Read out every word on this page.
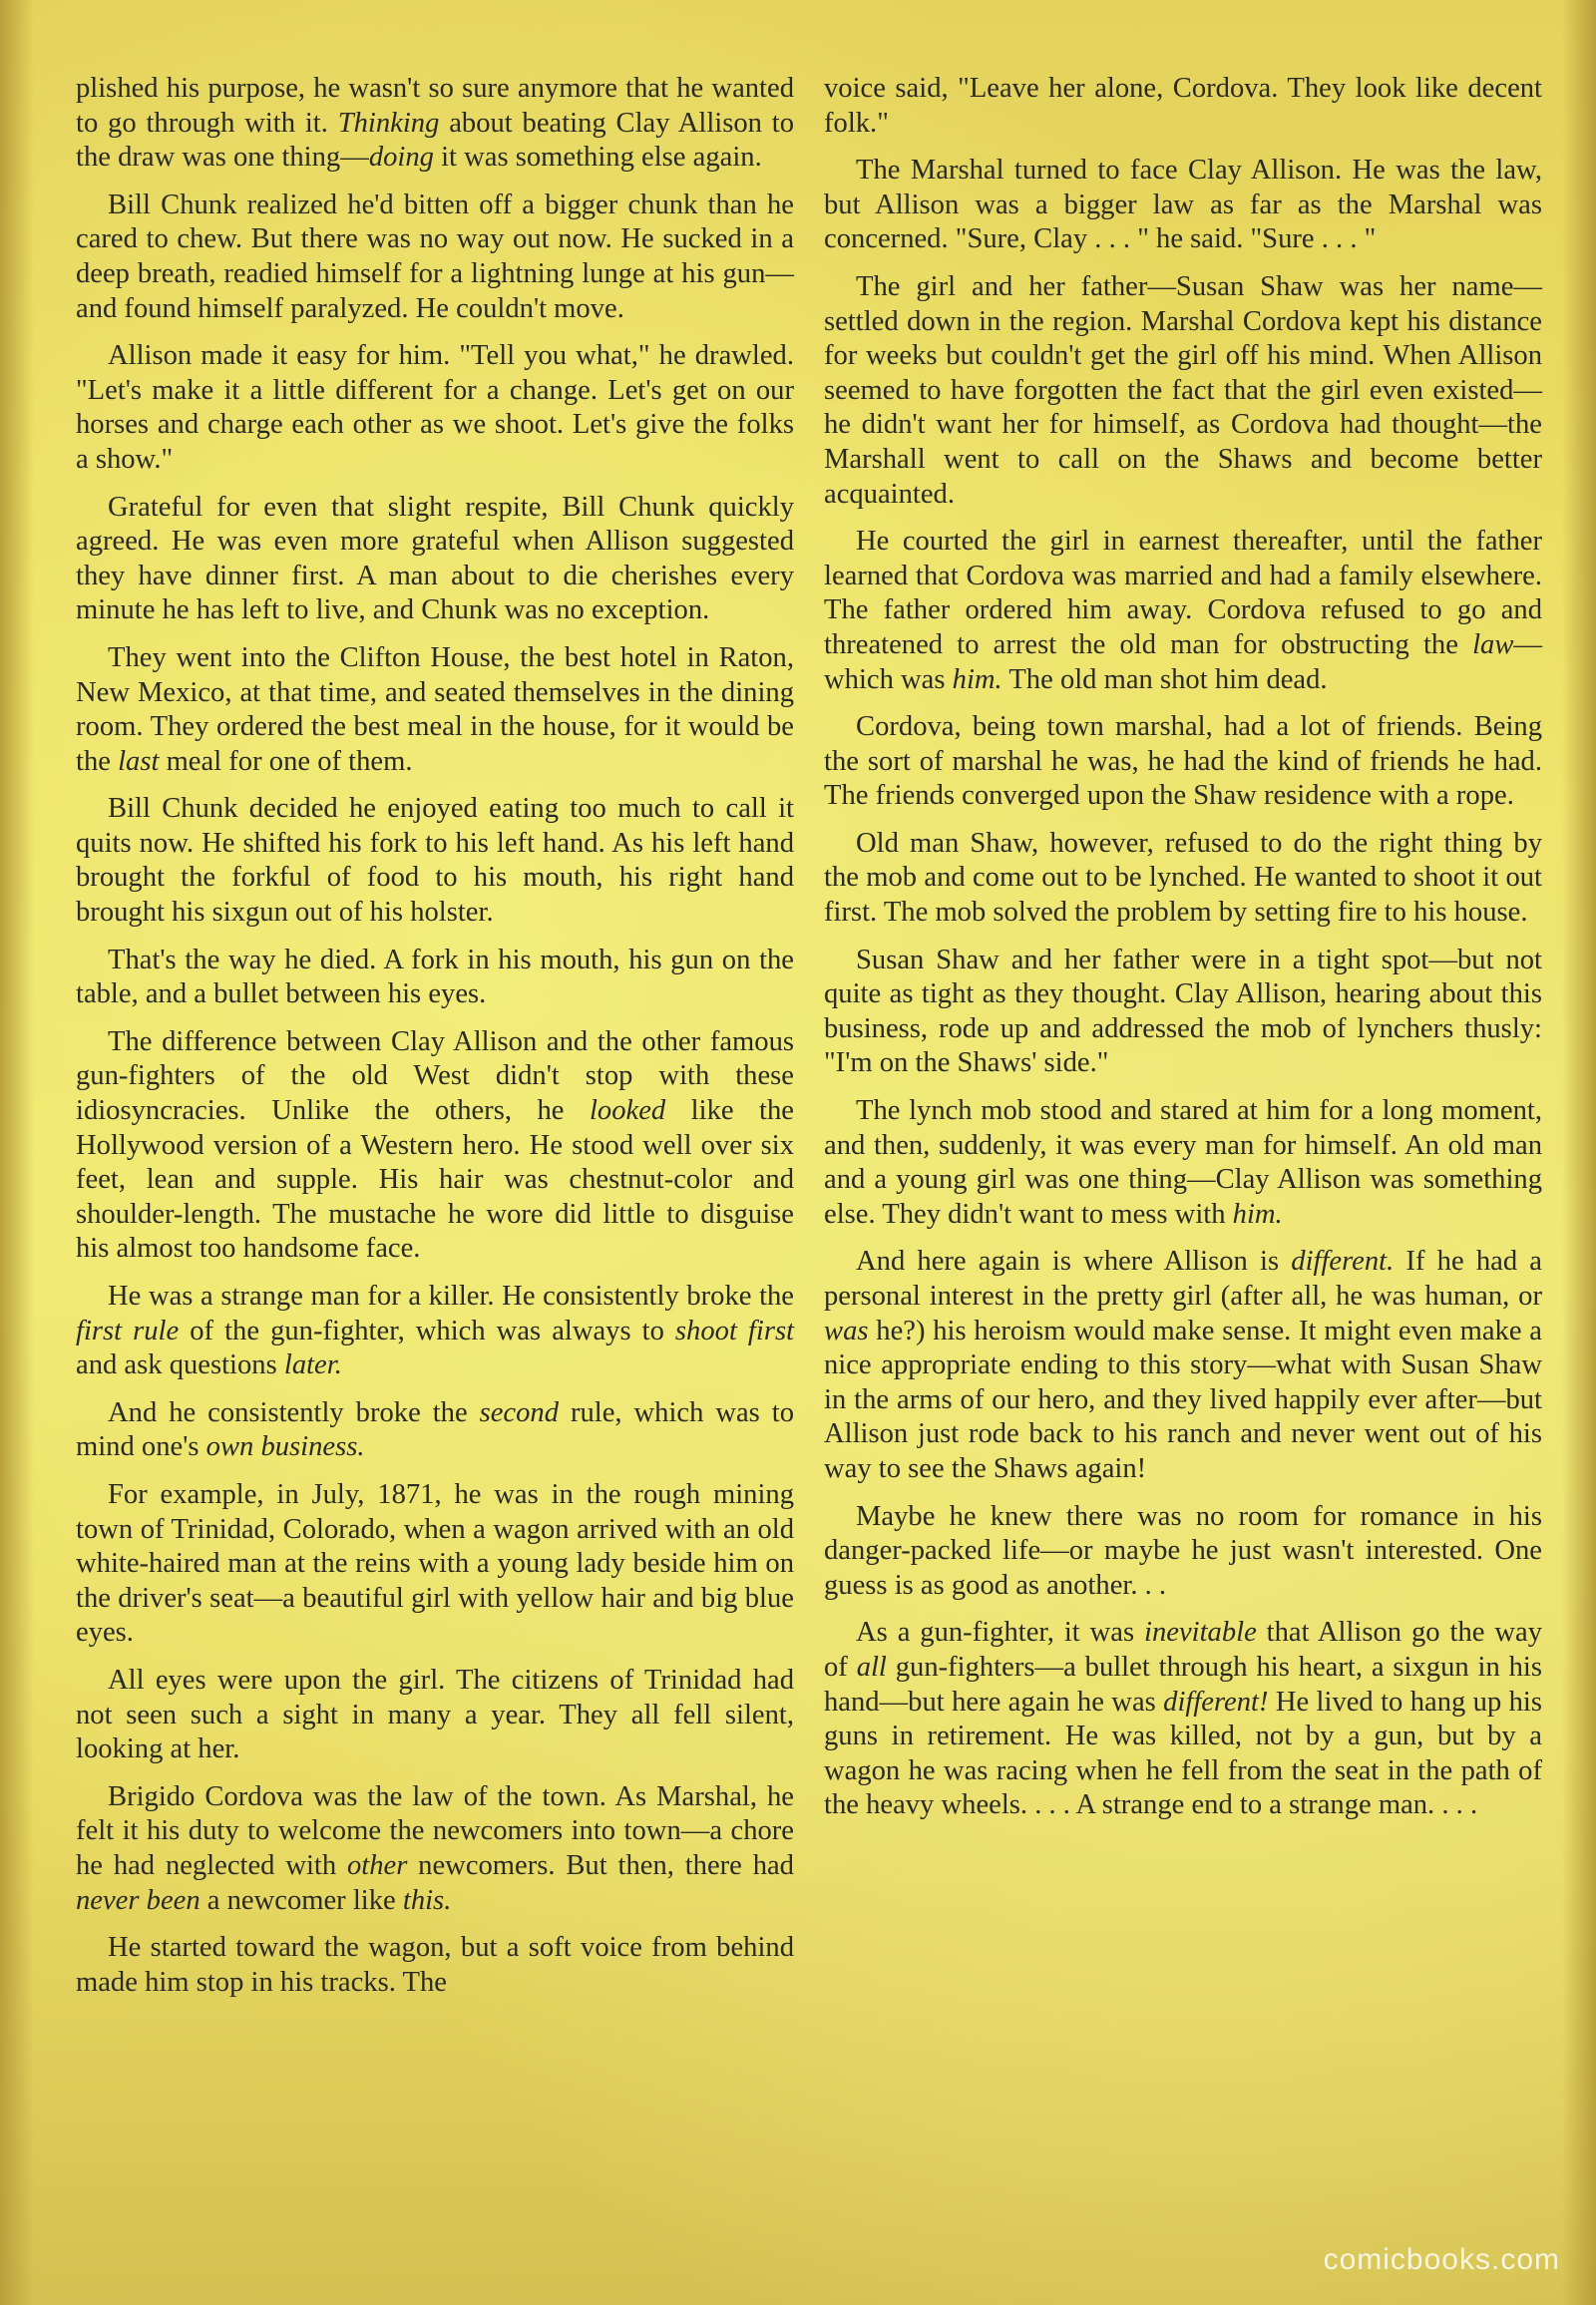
plished his purpose, he wasn't so sure anymore that he wanted to go through with it. Thinking about beating Clay Allison to the draw was one thing—doing it was something else again.

Bill Chunk realized he'd bitten off a bigger chunk than he cared to chew. But there was no way out now. He sucked in a deep breath, readied himself for a lightning lunge at his gun—and found himself paralyzed. He couldn't move.

Allison made it easy for him. "Tell you what," he drawled. "Let's make it a little different for a change. Let's get on our horses and charge each other as we shoot. Let's give the folks a show."

Grateful for even that slight respite, Bill Chunk quickly agreed. He was even more grateful when Allison suggested they have dinner first. A man about to die cherishes every minute he has left to live, and Chunk was no exception.

They went into the Clifton House, the best hotel in Raton, New Mexico, at that time, and seated themselves in the dining room. They ordered the best meal in the house, for it would be the last meal for one of them.

Bill Chunk decided he enjoyed eating too much to call it quits now. He shifted his fork to his left hand. As his left hand brought the forkful of food to his mouth, his right hand brought his sixgun out of his holster.

That's the way he died. A fork in his mouth, his gun on the table, and a bullet between his eyes.

The difference between Clay Allison and the other famous gun-fighters of the old West didn't stop with these idiosyncracies. Unlike the others, he looked like the Hollywood version of a Western hero. He stood well over six feet, lean and supple. His hair was chestnut-color and shoulder-length. The mustache he wore did little to disguise his almost too handsome face.

He was a strange man for a killer. He consistently broke the first rule of the gun-fighter, which was always to shoot first and ask questions later.

And he consistently broke the second rule, which was to mind one's own business.

For example, in July, 1871, he was in the rough mining town of Trinidad, Colorado, when a wagon arrived with an old white-haired man at the reins with a young lady beside him on the driver's seat—a beautiful girl with yellow hair and big blue eyes.

All eyes were upon the girl. The citizens of Trinidad had not seen such a sight in many a year. They all fell silent, looking at her.

Brigido Cordova was the law of the town. As Marshal, he felt it his duty to welcome the newcomers into town—a chore he had neglected with other newcomers. But then, there had never been a newcomer like this.

He started toward the wagon, but a soft voice from behind made him stop in his tracks. The

voice said, "Leave her alone, Cordova. They look like decent folk."

The Marshal turned to face Clay Allison. He was the law, but Allison was a bigger law as far as the Marshal was concerned. "Sure, Clay . . . " he said. "Sure . . . "

The girl and her father—Susan Shaw was her name—settled down in the region. Marshal Cordova kept his distance for weeks but couldn't get the girl off his mind. When Allison seemed to have forgotten the fact that the girl even existed—he didn't want her for himself, as Cordova had thought—the Marshall went to call on the Shaws and become better acquainted.

He courted the girl in earnest thereafter, until the father learned that Cordova was married and had a family elsewhere. The father ordered him away. Cordova refused to go and threatened to arrest the old man for obstructing the law—which was him. The old man shot him dead.

Cordova, being town marshal, had a lot of friends. Being the sort of marshal he was, he had the kind of friends he had. The friends converged upon the Shaw residence with a rope.

Old man Shaw, however, refused to do the right thing by the mob and come out to be lynched. He wanted to shoot it out first. The mob solved the problem by setting fire to his house.

Susan Shaw and her father were in a tight spot—but not quite as tight as they thought. Clay Allison, hearing about this business, rode up and addressed the mob of lynchers thusly: "I'm on the Shaws' side."

The lynch mob stood and stared at him for a long moment, and then, suddenly, it was every man for himself. An old man and a young girl was one thing—Clay Allison was something else. They didn't want to mess with him.

And here again is where Allison is different. If he had a personal interest in the pretty girl (after all, he was human, or was he?) his heroism would make sense. It might even make a nice appropriate ending to this story—what with Susan Shaw in the arms of our hero, and they lived happily ever after—but Allison just rode back to his ranch and never went out of his way to see the Shaws again!

Maybe he knew there was no room for romance in his danger-packed life—or maybe he just wasn't interested. One guess is as good as another. . .

As a gun-fighter, it was inevitable that Allison go the way of all gun-fighters—a bullet through his heart, a sixgun in his hand—but here again he was different! He lived to hang up his guns in retirement. He was killed, not by a gun, but by a wagon he was racing when he fell from the seat in the path of the heavy wheels. . . . A strange end to a strange man. . . .

comicbooks.com
